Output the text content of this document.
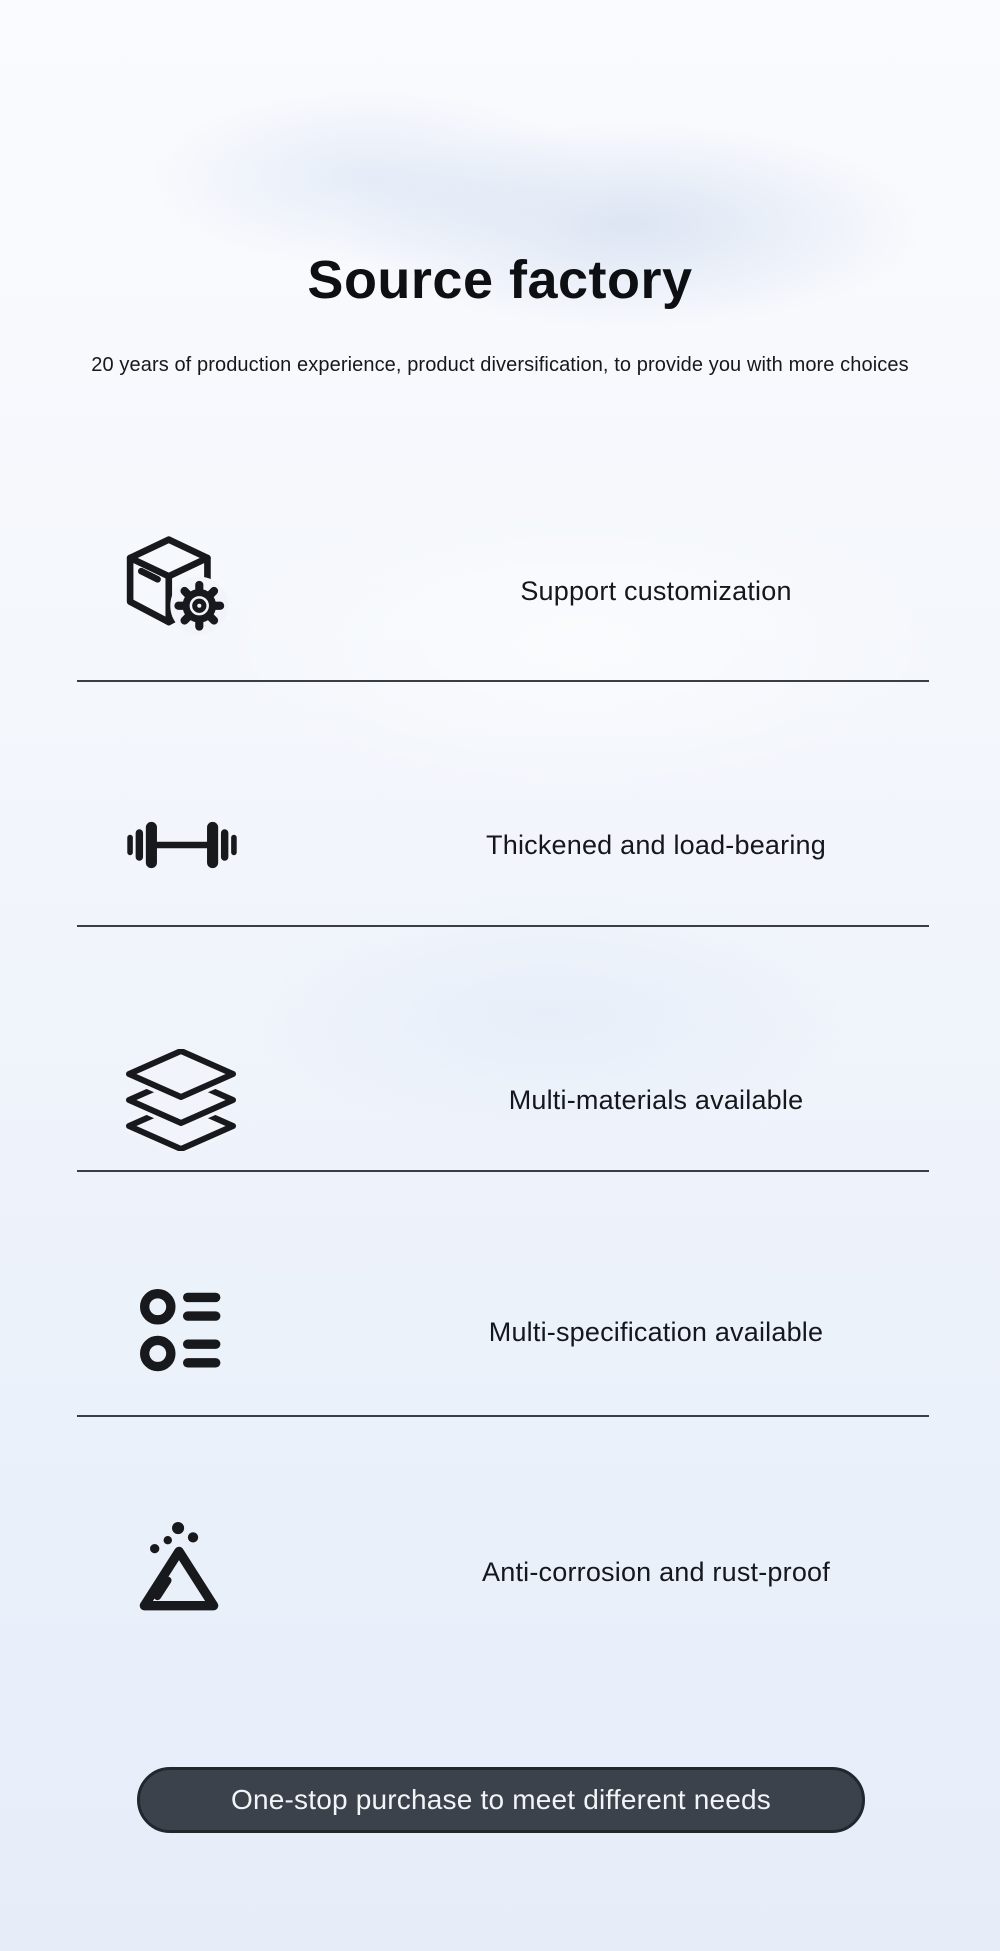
Source factory
20 years of production experience, product diversification, to provide you with more choices
Support customization
Thickened and load-bearing
Multi-materials available
Multi-specification available
Anti-corrosion and rust-proof
One-stop purchase to meet different needs
